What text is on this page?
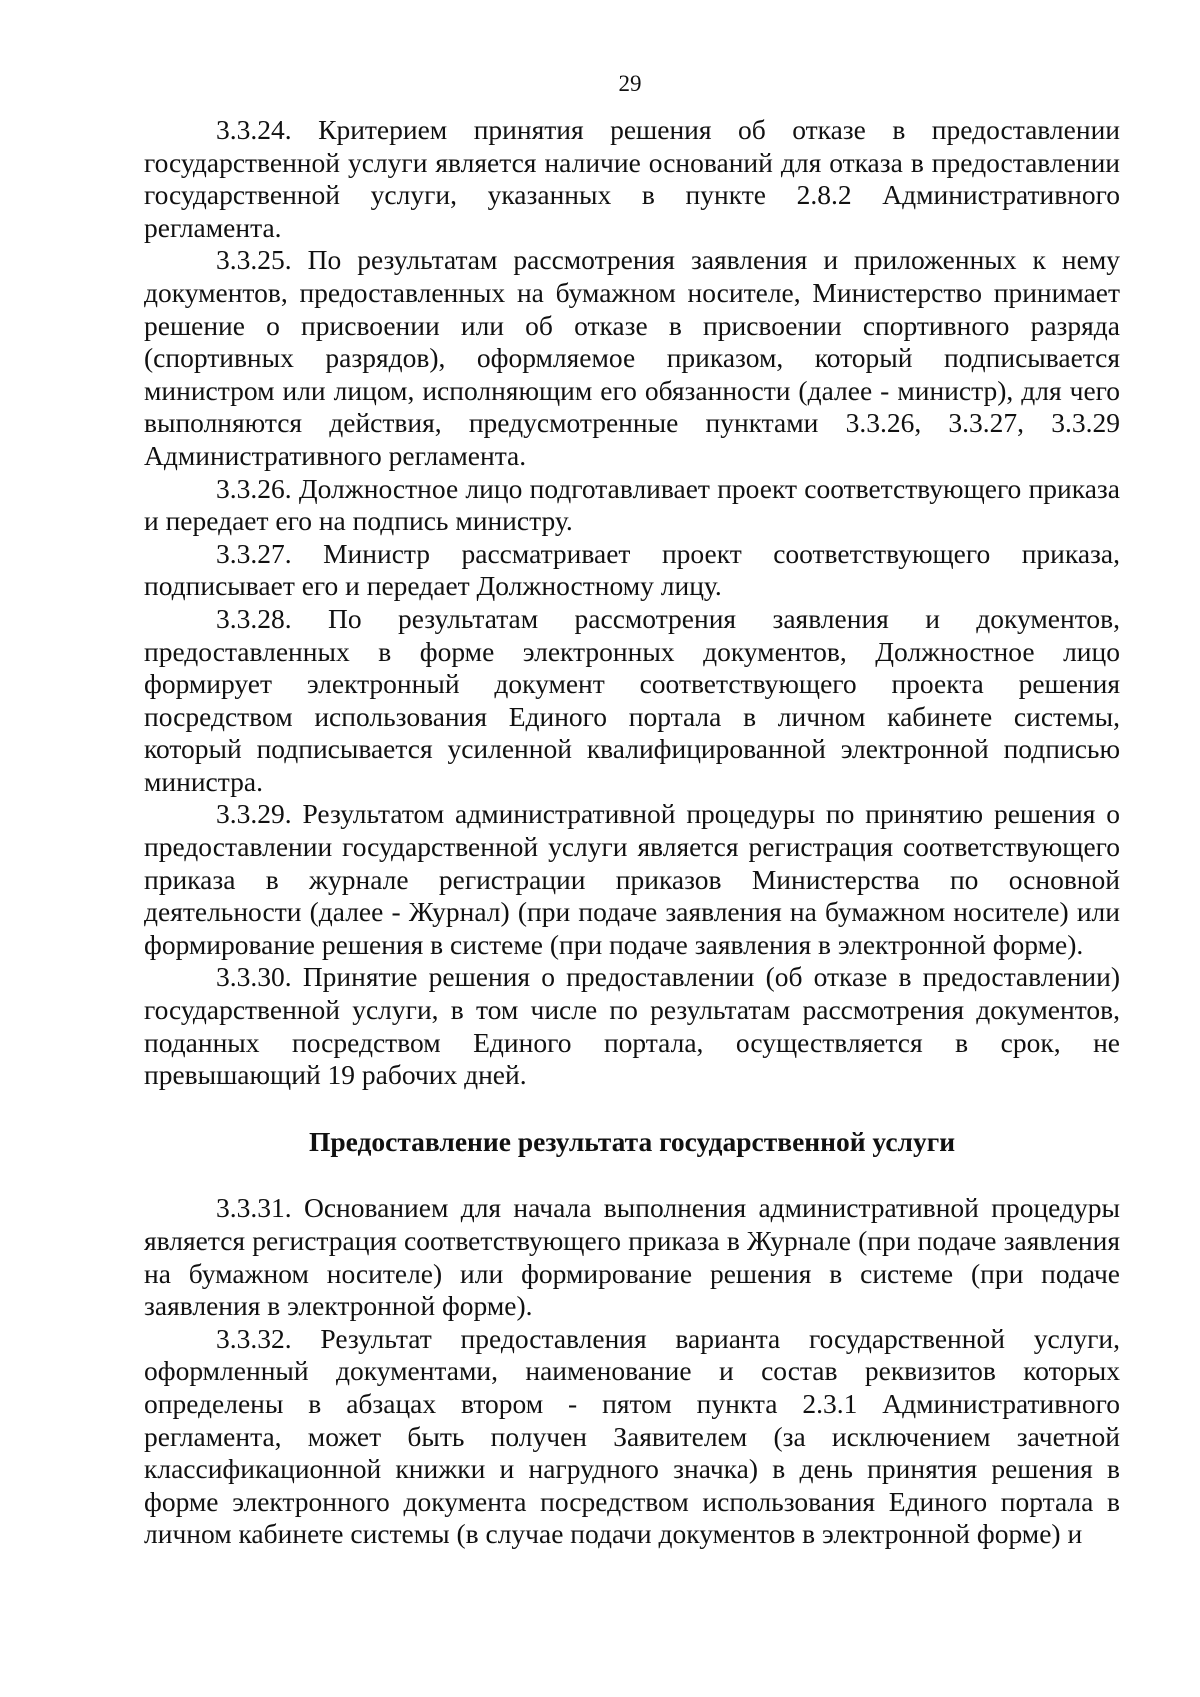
29

3.3.24. Критерием принятия решения об отказе в предоставлении государственной услуги является наличие оснований для отказа в предоставлении государственной услуги, указанных в пункте 2.8.2 Административного регламента.

3.3.25. По результатам рассмотрения заявления и приложенных к нему документов, предоставленных на бумажном носителе, Министерство принимает решение о присвоении или об отказе в присвоении спортивного разряда (спортивных разрядов), оформляемое приказом, который подписывается министром или лицом, исполняющим его обязанности (далее - министр), для чего выполняются действия, предусмотренные пунктами 3.3.26, 3.3.27, 3.3.29 Административного регламента.

3.3.26. Должностное лицо подготавливает проект соответствующего приказа и передает его на подпись министру.

3.3.27. Министр рассматривает проект соответствующего приказа, подписывает его и передает Должностному лицу.

3.3.28. По результатам рассмотрения заявления и документов, предоставленных в форме электронных документов, Должностное лицо формирует электронный документ соответствующего проекта решения посредством использования Единого портала в личном кабинете системы, который подписывается усиленной квалифицированной электронной подписью министра.

3.3.29. Результатом административной процедуры по принятию решения о предоставлении государственной услуги является регистрация соответствующего приказа в журнале регистрации приказов Министерства по основной деятельности (далее - Журнал) (при подаче заявления на бумажном носителе) или формирование решения в системе (при подаче заявления в электронной форме).

3.3.30. Принятие решения о предоставлении (об отказе в предоставлении) государственной услуги, в том числе по результатам рассмотрения документов, поданных посредством Единого портала, осуществляется в срок, не превышающий 19 рабочих дней.

Предоставление результата государственной услуги

3.3.31. Основанием для начала выполнения административной процедуры является регистрация соответствующего приказа в Журнале (при подаче заявления на бумажном носителе) или формирование решения в системе (при подаче заявления в электронной форме).

3.3.32. Результат предоставления варианта государственной услуги, оформленный документами, наименование и состав реквизитов которых определены в абзацах втором - пятом пункта 2.3.1 Административного регламента, может быть получен Заявителем (за исключением зачетной классификационной книжки и нагрудного значка) в день принятия решения в форме электронного документа посредством использования Единого портала в личном кабинете системы (в случае подачи документов в электронной форме) и
